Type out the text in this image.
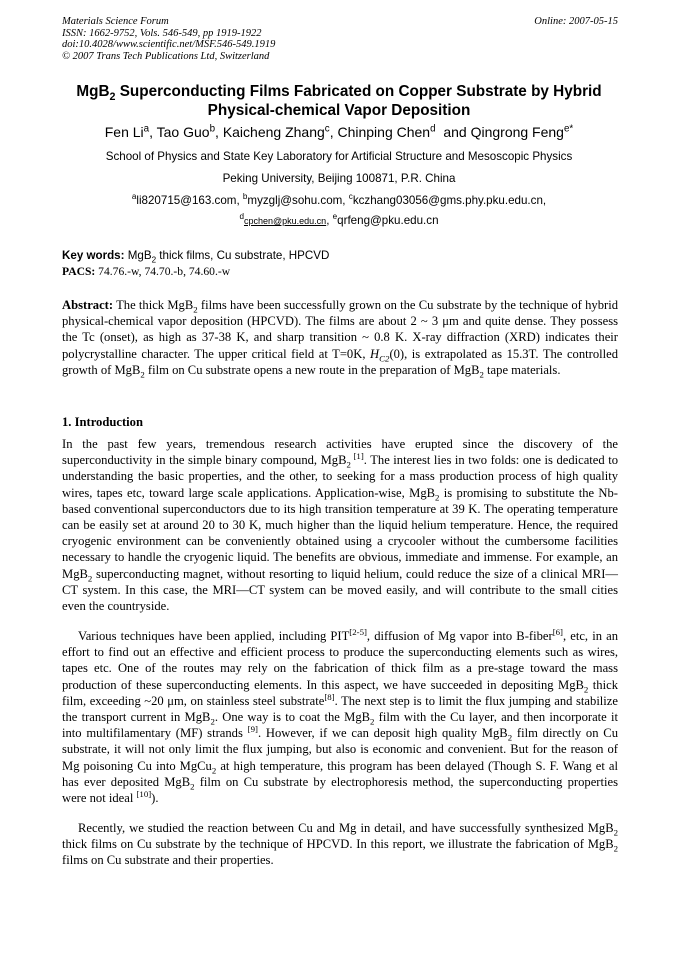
Materials Science Forum
ISSN: 1662-9752, Vols. 546-549, pp 1919-1922
doi:10.4028/www.scientific.net/MSF.546-549.1919
© 2007 Trans Tech Publications Ltd, Switzerland
Online: 2007-05-15
MgB$_2$ Superconducting Films Fabricated on Copper Substrate by Hybrid
Physical-chemical Vapor Deposition
Fen Li$^a$, Tao Guo$^b$, Kaicheng Zhang$^c$, Chinping Chen$^d$  and Qingrong Feng$^{e*}$
School of Physics and State Key Laboratory for Artificial Structure and Mesoscopic Physics
Peking University, Beijing 100871, P.R. China
$^a$li820715@163.com, $^b$myzglj@sohu.com, $^c$kczhang03056@gms.phy.pku.edu.cn,
$^d$cpchen@pku.edu.cn, $^e$qrfeng@pku.edu.cn
Key words: MgB$_2$ thick films, Cu substrate, HPCVD
PACS: 74.76.-w, 74.70.-b, 74.60.-w

Abstract: The thick MgB$_2$ films have been successfully grown on the Cu substrate by the technique of hybrid physical-chemical vapor deposition (HPCVD). The films are about 2 ~ 3 μm and quite dense. They possess the Tc (onset), as high as 37-38 K, and sharp transition ~ 0.8 K. X-ray diffraction (XRD) indicates their polycrystalline character. The upper critical field at T=0K, $H_{C2}(0)$, is extrapolated as 15.3T. The controlled growth of MgB$_2$ film on Cu substrate opens a new route in the preparation of MgB$_2$ tape materials.

1. Introduction

In the past few years, tremendous research activities have erupted since the discovery of the superconductivity in the simple binary compound, MgB$_2$ [1]. The interest lies in two folds: one is dedicated to understanding the basic properties, and the other, to seeking for a mass production process of high quality wires, tapes etc, toward large scale applications. Application-wise, MgB$_2$ is promising to substitute the Nb-based conventional superconductors due to its high transition temperature at 39 K. The operating temperature can be easily set at around 20 to 30 K, much higher than the liquid helium temperature. Hence, the required cryogenic environment can be conveniently obtained using a crycooler without the cumbersome facilities necessary to handle the cryogenic liquid. The benefits are obvious, immediate and immense. For example, an MgB$_2$ superconducting magnet, without resorting to liquid helium, could reduce the size of a clinical MRI—CT system. In this case, the MRI—CT system can be moved easily, and will contribute to the small cities even the countryside.

Various techniques have been applied, including PIT[2-5], diffusion of Mg vapor into B-fiber[6], etc, in an effort to find out an effective and efficient process to produce the superconducting elements such as wires, tapes etc. One of the routes may rely on the fabrication of thick film as a pre-stage toward the mass production of these superconducting elements. In this aspect, we have succeeded in depositing MgB$_2$ thick film, exceeding ~20 μm, on stainless steel substrate[8]. The next step is to limit the flux jumping and stabilize the transport current in MgB$_2$. One way is to coat the MgB$_2$ film with the Cu layer, and then incorporate it into multifilamentary (MF) strands [9]. However, if we can deposit high quality MgB$_2$ film directly on Cu substrate, it will not only limit the flux jumping, but also is economic and convenient. But for the reason of Mg poisoning Cu into MgCu$_2$ at high temperature, this program has been delayed (Though S. F. Wang et al has ever deposited MgB$_2$ film on Cu substrate by electrophoresis method, the superconducting properties were not ideal [10]).

Recently, we studied the reaction between Cu and Mg in detail, and have successfully synthesized MgB$_2$ thick films on Cu substrate by the technique of HPCVD. In this report, we illustrate the fabrication of MgB$_2$ films on Cu substrate and their properties.
